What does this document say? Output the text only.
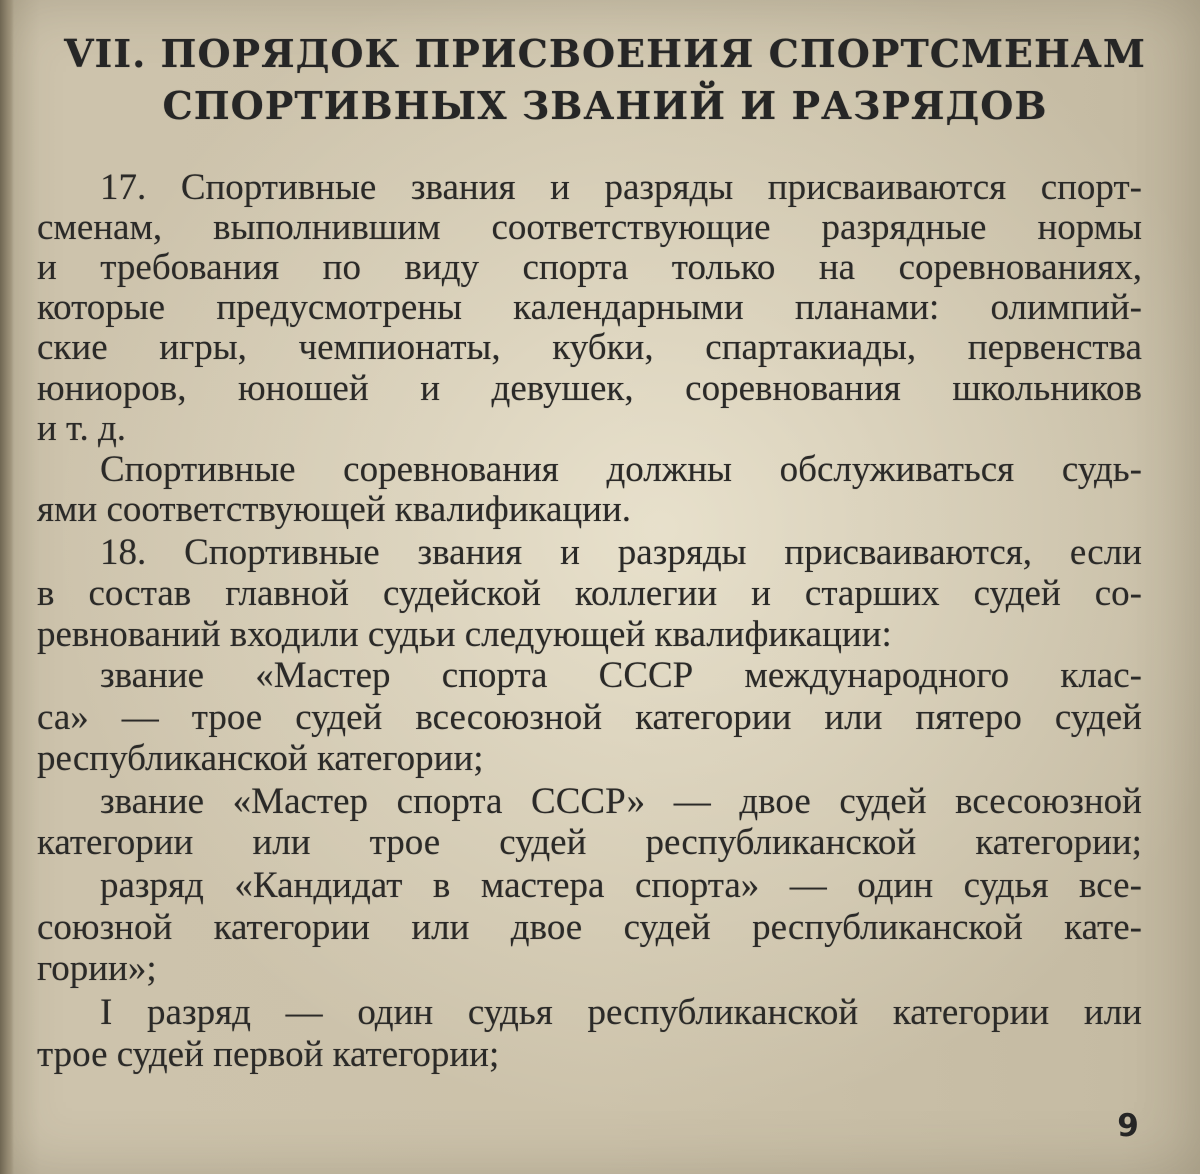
VII. ПОРЯДОК ПРИСВОЕНИЯ СПОРТСМЕНАМ
СПОРТИВНЫХ ЗВАНИЙ И РАЗРЯДОВ
17. Спортивные звания и разряды присваиваются спорт-
сменам, выполнившим соответствующие разрядные нормы
и требования по виду спорта только на соревнованиях,
которые предусмотрены календарными планами: олимпий-
ские игры, чемпионаты, кубки, спартакиады, первенства
юниоров, юношей и девушек, соревнования школьников
и т. д.
Спортивные соревнования должны обслуживаться судь-
ями соответствующей квалификации.
18. Спортивные звания и разряды присваиваются, если
в состав главной судейской коллегии и старших судей со-
ревнований входили судьи следующей квалификации:
звание «Мастер спорта СССР международного клас-
са» — трое судей всесоюзной категории или пятеро судей
республиканской категории;
звание «Мастер спорта СССР» — двое судей всесоюзной
категории или трое судей республиканской категории;
разряд «Кандидат в мастера спорта» — один судья все-
союзной категории или двое судей республиканской кате-
гории»;
I разряд — один судья республиканской категории или
трое судей первой категории;
9
